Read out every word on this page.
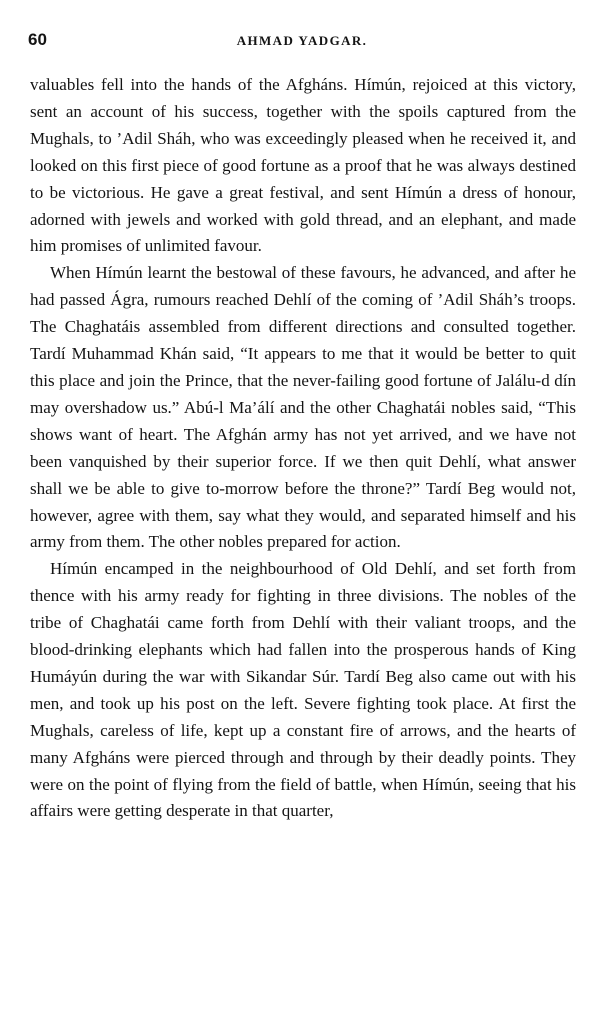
60	AHMAD YADGAR.

valuables fell into the hands of the Afgháns. Hímún, rejoiced at this victory, sent an account of his success, together with the spoils captured from the Mughals, to ’Adil Sháh, who was exceedingly pleased when he received it, and looked on this first piece of good fortune as a proof that he was always destined to be victorious. He gave a great festival, and sent Hímún a dress of honour, adorned with jewels and worked with gold thread, and an elephant, and made him promises of unlimited favour.

When Hímún learnt the bestowal of these favours, he advanced, and after he had passed Ágra, rumours reached Dehlí of the coming of ’Adil Sháh’s troops. The Chaghatáis assembled from different directions and consulted together. Tardí Muhammad Khán said, “It appears to me that it would be better to quit this place and join the Prince, that the never-failing good fortune of Jalálu-d dín may overshadow us.” Abú-l Ma’álí and the other Chaghatái nobles said, “This shows want of heart. The Afghán army has not yet arrived, and we have not been vanquished by their superior force. If we then quit Dehlí, what answer shall we be able to give to-morrow before the throne?” Tardí Beg would not, however, agree with them, say what they would, and separated himself and his army from them. The other nobles prepared for action.

Hímún encamped in the neighbourhood of Old Dehlí, and set forth from thence with his army ready for fighting in three divisions. The nobles of the tribe of Chaghatái came forth from Dehlí with their valiant troops, and the blood-drinking elephants which had fallen into the prosperous hands of King Humáyún during the war with Sikandar Súr. Tardí Beg also came out with his men, and took up his post on the left. Severe fighting took place. At first the Mughals, careless of life, kept up a constant fire of arrows, and the hearts of many Afgháns were pierced through and through by their deadly points. They were on the point of flying from the field of battle, when Hímún, seeing that his affairs were getting desperate in that quarter,
